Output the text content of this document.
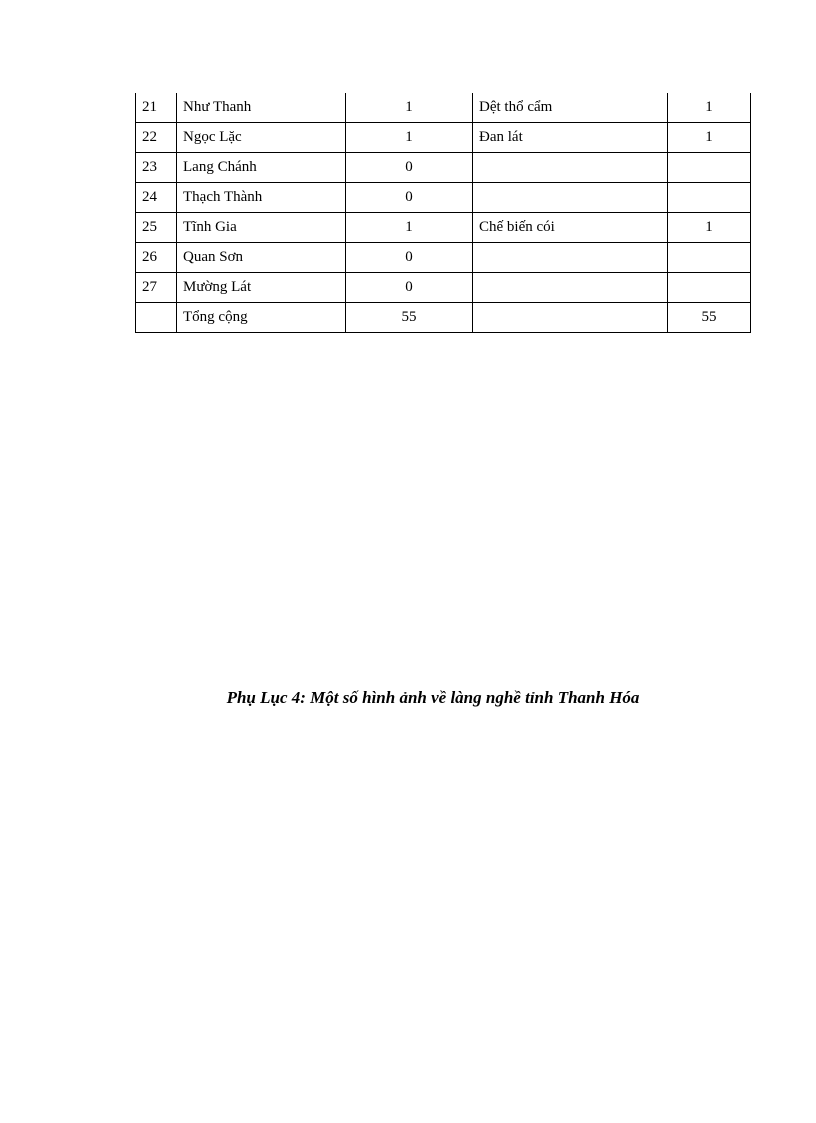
21	Như Thanh	1	Dệt thổ cẩm	1
22	Ngọc Lặc	1	Đan lát	1
23	Lang Chánh	0		
24	Thạch Thành	0		
25	Tĩnh Gia	1	Chế biến cói	1
26	Quan Sơn	0		
27	Mường Lát	0		
	Tổng cộng	55		55
Phụ Lục 4: Một số hình ảnh về làng nghề tỉnh Thanh Hóa
